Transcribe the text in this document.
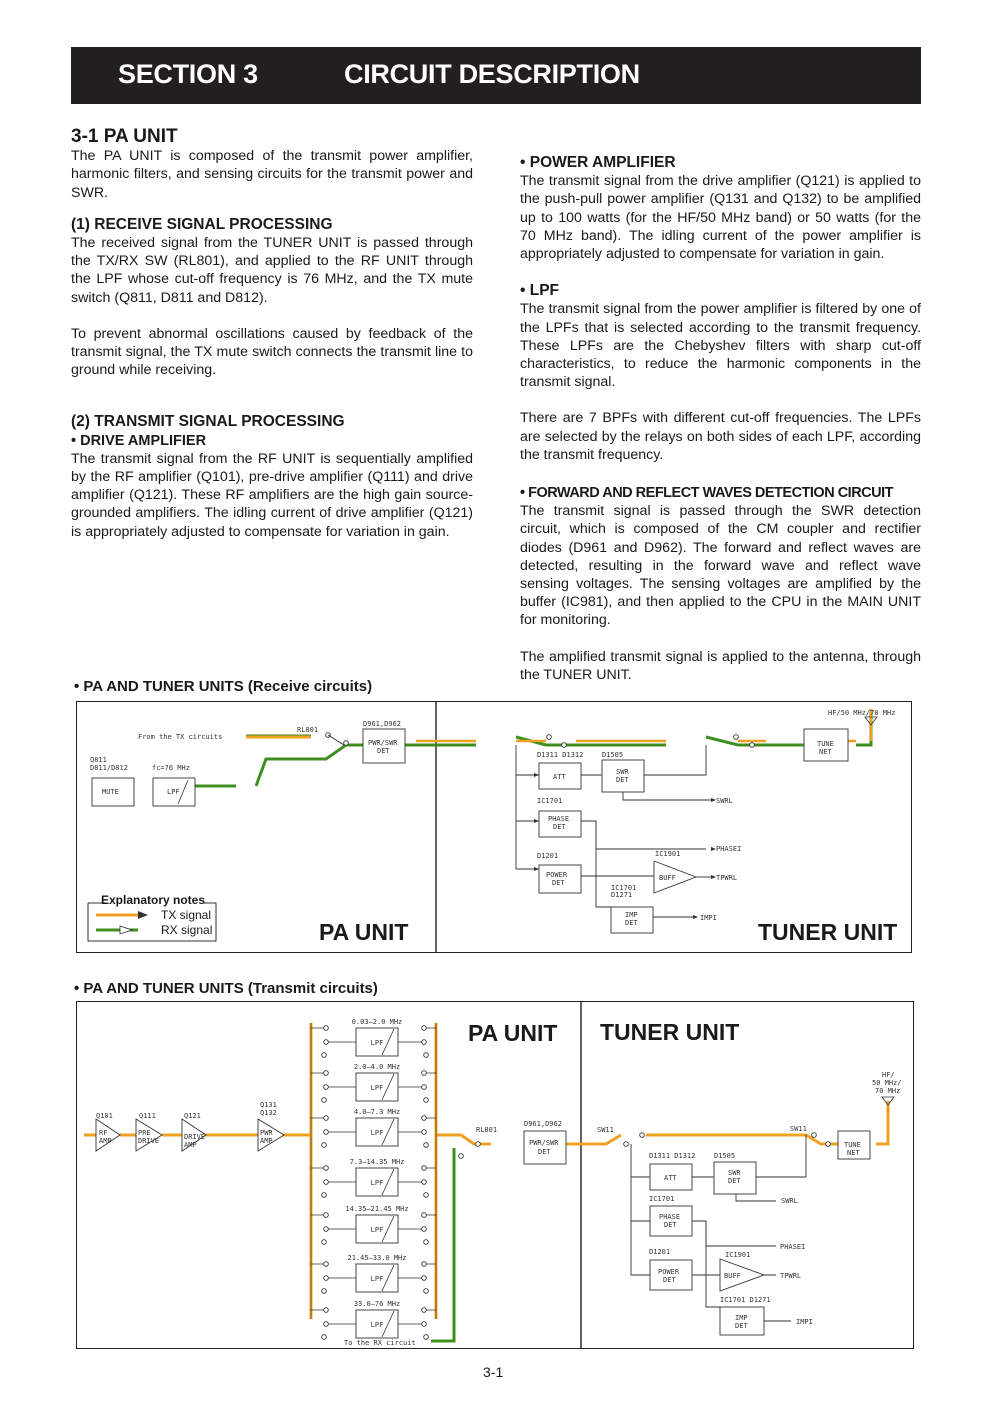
SECTION 3	CIRCUIT DESCRIPTION
3-1 PA UNIT

The PA UNIT is composed of the transmit power amplifier, harmonic filters, and sensing circuits for the transmit power and SWR.

(1) RECEIVE SIGNAL PROCESSING

The received signal from the TUNER UNIT is passed through the TX/RX SW (RL801), and applied to the RF UNIT through the LPF whose cut-off frequency is 76 MHz, and the TX mute switch (Q811, D811 and D812).

To prevent abnormal oscillations caused by feedback of the transmit signal, the TX mute switch connects the transmit line to ground while receiving.

(2) TRANSMIT SIGNAL PROCESSING
• DRIVE AMPLIFIER

The transmit signal from the RF UNIT is sequentially amplified by the RF amplifier (Q101), pre-drive amplifier (Q111) and drive amplifier (Q121). These RF amplifiers are the high gain source-grounded amplifiers. The idling current of drive amplifier (Q121) is appropriately adjusted to compensate for variation in gain.

• POWER AMPLIFIER

The transmit signal from the drive amplifier (Q121) is applied to the push-pull power amplifier (Q131 and Q132) to be amplified up to 100 watts (for the HF/50 MHz band) or 50 watts (for the 70 MHz band). The idling current of the power amplifier is appropriately adjusted to compensate for variation in gain.

• LPF

The transmit signal from the power amplifier is filtered by one of the LPFs that is selected according to the transmit frequency. These LPFs are the Chebyshev filters with sharp cut-off characteristics, to reduce the harmonic components in the transmit signal.

There are 7 BPFs with different cut-off frequencies. The LPFs are selected by the relays on both sides of each LPF, according the transmit frequency.

• FORWARD AND REFLECT WAVES DETECTION CIRCUIT

The transmit signal is passed through the SWR detection circuit, which is composed of the CM coupler and rectifier diodes (D961 and D962). The forward and reflect waves are detected, resulting in the forward wave and reflect wave sensing voltages. The sensing voltages are amplified by the buffer (IC981), and then applied to the CPU in the MAIN UNIT for monitoring.

The amplified transmit signal is applied to the antenna, through the TUNER UNIT.

• PA AND TUNER UNITS (Receive circuits)
From the TX circuits
Q811
D811/D812	fc=76 MHz
MUTE	LPF
RL801
D961,D962
PWR/SWR
DET
HF/50 MHz/70 MHz
TUNE
NET
D1311 D1312	D1505
ATT
SWR
DET
SWRL
IC1701
PHASE
DET
PHASEI
D1201	IC1901
POWER
DET
BUFF	TPWRL
IC1701
D1271
IMP
DET
IMPI
PA UNIT	TUNER UNIT
Explanatory notes
TX signal
RX signal
• PA AND TUNER UNITS (Transmit circuits)
LPF
0.03–2.0 MHz
LPF
2.0–4.0 MHz
LPF
4.0–7.3 MHz
LPF
7.3–14.35 MHz
LPF
14.35–21.45 MHz
LPF
21.45–33.0 MHz
LPF
33.0–76 MHz
Q101	Q111	Q121
Q131
Q132
RF
AMP
PRE
DRIVE	DRIVE
AMP
PWR
AMP
To the RX circuit
RL801
D961,D962
PWR/SWR
DET
SW11	SW11
HF/
50 MHz/
70 MHz
TUNE
NET
D1311 D1312	D1505
ATT
SWR
DET
SWRL
IC1701
PHASE
DET
PHASEI
D1201	IC1901
POWER
DET	BUFF	TPWRL
IC1701 D1271
IMP
DET	IMPI
PA UNIT TUNER UNIT
3-1
